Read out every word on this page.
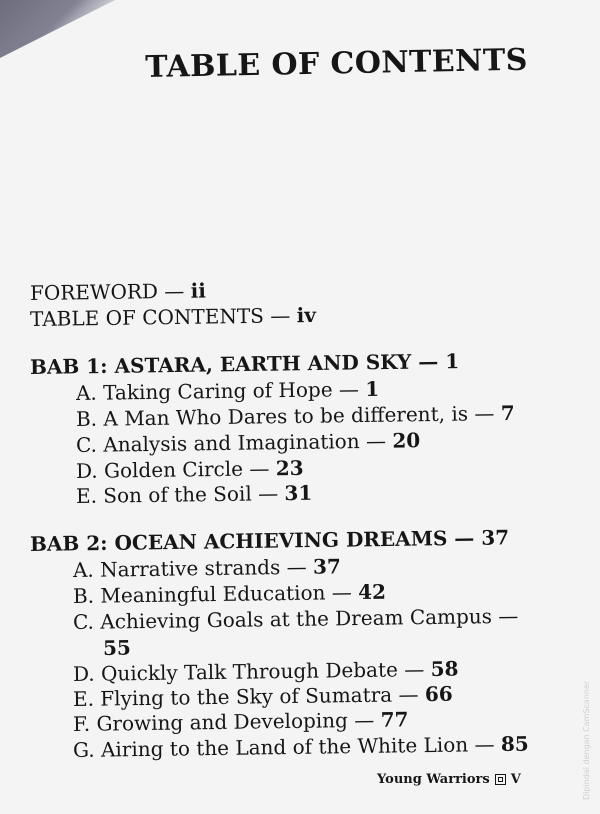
TABLE OF CONTENTS
FOREWORD — ii
TABLE OF CONTENTS — iv
BAB 1: ASTARA, EARTH AND SKY — 1
A. Taking Caring of Hope — 1
B. A Man Who Dares to be different, is — 7
C. Analysis and Imagination — 20
D. Golden Circle — 23
E. Son of the Soil — 31
BAB 2: OCEAN ACHIEVING DREAMS — 37
A. Narrative strands — 37
B. Meaningful Education — 42
C. Achieving Goals at the Dream Campus —
55
D. Quickly Talk Through Debate — 58
E. Flying to the Sky of Sumatra — 66
F. Growing and Developing — 77
G. Airing to the Land of the White Lion — 85
Young Warriors V	Dipindai dengan CamScanner
